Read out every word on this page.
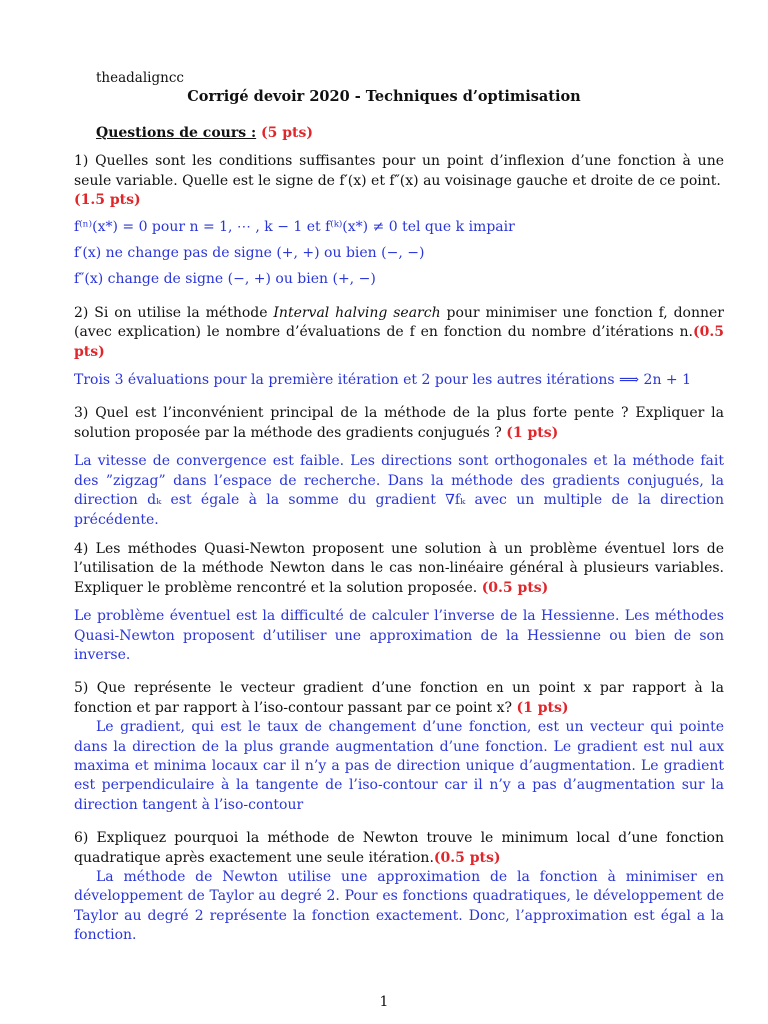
theadaligncc
Corrigé devoir 2020 - Techniques d’optimisation
Questions de cours : (5 pts)

1) Quelles sont les conditions suffisantes pour un point d’inflexion d’une fonction à une seule variable. Quelle est le signe de f′(x) et f″(x) au voisinage gauche et droite de ce point.
(1.5 pts)

f⁽ⁿ⁾(x*) = 0 pour n = 1, ⋯ , k − 1 et f⁽ᵏ⁾(x*) ≠ 0 tel que k impair

f′(x) ne change pas de signe (+, +) ou bien (−, −)

f″(x) change de signe (−, +) ou bien (+, −)

2) Si on utilise la méthode Interval halving search pour minimiser une fonction f, donner (avec explication) le nombre d’évaluations de f en fonction du nombre d’itérations n.(0.5 pts)

Trois 3 évaluations pour la première itération et 2 pour les autres itérations ⟹ 2n + 1

3) Quel est l’inconvénient principal de la méthode de la plus forte pente ? Expliquer la solution proposée par la méthode des gradients conjugués ? (1 pts)

La vitesse de convergence est faible. Les directions sont orthogonales et la méthode fait des ”zigzag” dans l’espace de recherche. Dans la méthode des gradients conjugués, la direction dₖ est égale à la somme du gradient ∇fₖ avec un multiple de la direction précédente.

4) Les méthodes Quasi-Newton proposent une solution à un problème éventuel lors de l’utilisation de la méthode Newton dans le cas non-linéaire général à plusieurs variables. Expliquer le problème rencontré et la solution proposée. (0.5 pts)

Le problème éventuel est la difficulté de calculer l’inverse de la Hessienne. Les méthodes Quasi-Newton proposent d’utiliser une approximation de la Hessienne ou bien de son inverse.

5) Que représente le vecteur gradient d’une fonction en un point x par rapport à la fonction et par rapport à l’iso-contour passant par ce point x? (1 pts)

Le gradient, qui est le taux de changement d’une fonction, est un vecteur qui pointe dans la direction de la plus grande augmentation d’une fonction. Le gradient est nul aux maxima et minima locaux car il n’y a pas de direction unique d’augmentation. Le gradient est perpendiculaire à la tangente de l’iso-contour car il n’y a pas d’augmentation sur la direction tangent à l’iso-contour

6) Expliquez pourquoi la méthode de Newton trouve le minimum local d’une fonction quadratique après exactement une seule itération.(0.5 pts)

La méthode de Newton utilise une approximation de la fonction à minimiser en développement de Taylor au degré 2. Pour es fonctions quadratiques, le développement de Taylor au degré 2 représente la fonction exactement. Donc, l’approximation est égal a la fonction.

1
